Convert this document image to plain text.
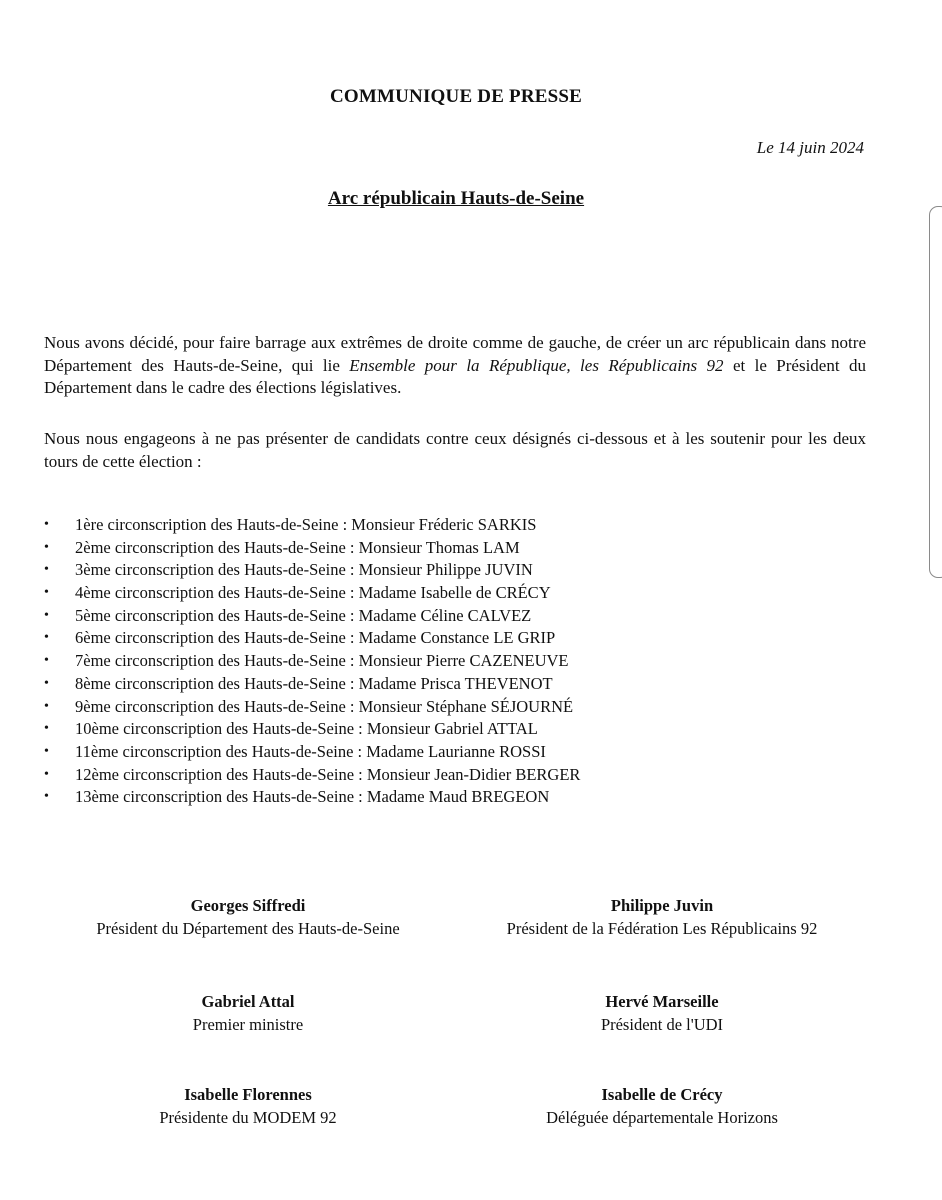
COMMUNIQUE DE PRESSE
Le 14 juin 2024
Arc républicain Hauts-de-Seine

Nous avons décidé, pour faire barrage aux extrêmes de droite comme de gauche, de créer un arc républicain dans notre Département des Hauts-de-Seine, qui lie Ensemble pour la République, les Républicains 92 et le Président du Département dans le cadre des élections législatives.

Nous nous engageons à ne pas présenter de candidats contre ceux désignés ci-dessous et à les soutenir pour les deux tours de cette élection :

• 1ère circonscription des Hauts-de-Seine : Monsieur Fréderic SARKIS
• 2ème circonscription des Hauts-de-Seine : Monsieur Thomas LAM
• 3ème circonscription des Hauts-de-Seine : Monsieur Philippe JUVIN
• 4ème circonscription des Hauts-de-Seine : Madame Isabelle de CRÉCY
• 5ème circonscription des Hauts-de-Seine : Madame Céline CALVEZ
• 6ème circonscription des Hauts-de-Seine : Madame Constance LE GRIP
• 7ème circonscription des Hauts-de-Seine : Monsieur Pierre CAZENEUVE
• 8ème circonscription des Hauts-de-Seine : Madame Prisca THEVENOT
• 9ème circonscription des Hauts-de-Seine : Monsieur Stéphane SÉJOURNÉ
• 10ème circonscription des Hauts-de-Seine : Monsieur Gabriel ATTAL
• 11ème circonscription des Hauts-de-Seine : Madame Laurianne ROSSI
• 12ème circonscription des Hauts-de-Seine : Monsieur Jean-Didier BERGER
• 13ème circonscription des Hauts-de-Seine : Madame Maud BREGEON
Georges Siffredi
Président du Département des Hauts-de-Seine
Philippe Juvin
Président de la Fédération Les Républicains 92
Gabriel Attal
Premier ministre
Hervé Marseille
Président de l'UDI
Isabelle Florennes
Présidente du MODEM 92
Isabelle de Crécy
Déléguée départementale Horizons
